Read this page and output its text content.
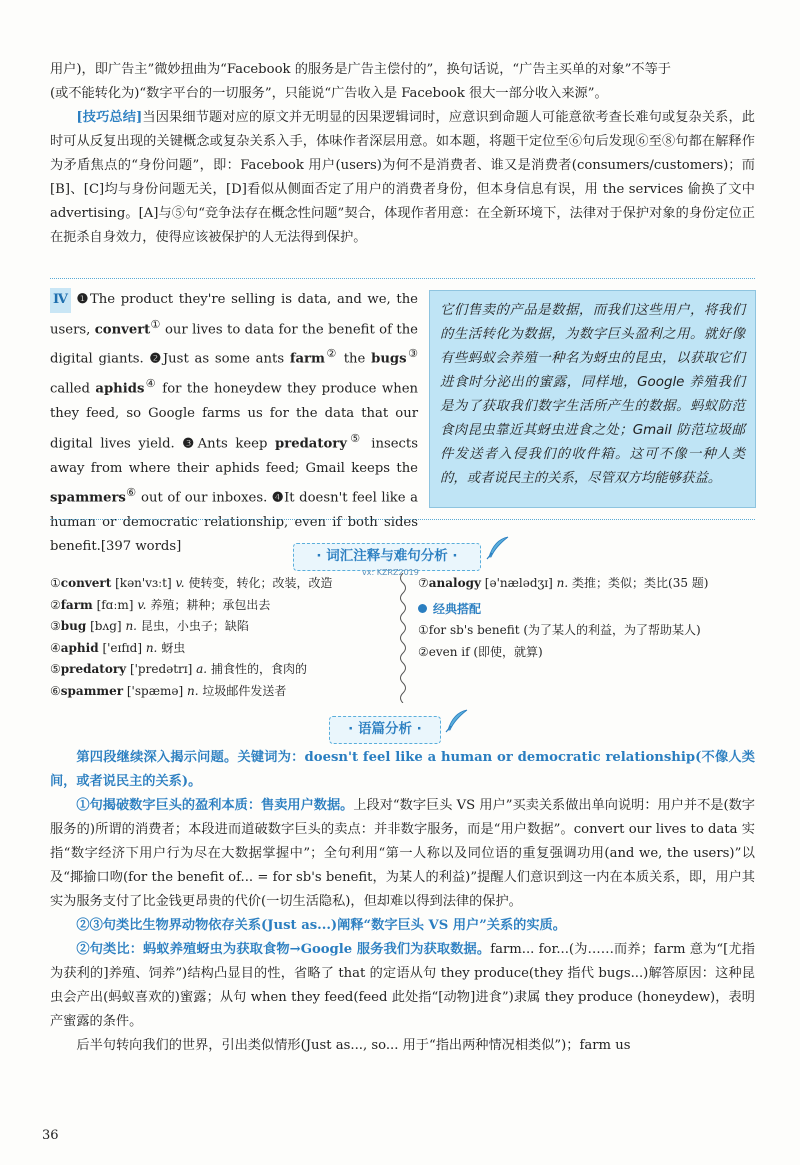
用户)，即广告主”微妙扭曲为“Facebook 的服务是广告主偿付的”，换句话说，“广告主买单的对象”不等于

(或不能转化为)“数字平台的一切服务”，只能说“广告收入是 Facebook 很大一部分收入来源”。

[技巧总结]当因果细节题对应的原文并无明显的因果逻辑词时，应意识到命题人可能意欲考查长难句或复杂关系，此时可从反复出现的关键概念或复杂关系入手，体味作者深层用意。如本题，将题干定位至⑥句后发现⑥至⑧句都在解释作为矛盾焦点的“身份问题”，即：Facebook 用户(users)为何不是消费者、谁又是消费者(consumers/customers)；而[B]、[C]均与身份问题无关，[D]看似从侧面否定了用户的消费者身份，但本身信息有误，用 the services 偷换了文中 advertising。[A]与⑤句“竞争法存在概念性问题”契合，体现作者用意：在全新环境下，法律对于保护对象的身份定位正在扼杀自身效力，使得应该被保护的人无法得到保护。

Ⅳ ❶The product they're selling is data, and we, the users, convert① our lives to data for the benefit of the digital giants. ❷Just as some ants farm② the bugs③ called aphids④ for the honeydew they produce when they feed, so Google farms us for the data that our digital lives yield. ❸Ants keep predatory⑤ insects away from where their aphids feed; Gmail keeps the spammers⑥ out of our inboxes. ❹It doesn't feel like a human or democratic relationship, even if both sides benefit.[397 words]

它们售卖的产品是数据，而我们这些用户，将我们的生活转化为数据，为数字巨头盈利之用。就好像有些蚂蚁会养殖一种名为蚜虫的昆虫，以获取它们进食时分泌出的蜜露，同样地，Google 养殖我们是为了获取我们数字生活所产生的数据。蚂蚁防范食肉昆虫靠近其蚜虫进食之处；Gmail 防范垃圾邮件发送者入侵我们的收件箱。这可不像一种人类的，或者说民主的关系，尽管双方均能够获益。
· 词汇注释与难句分析 ·
vx: KZRZ2019
①convert [kən'vɜːt] v. 使转变，转化；改装，改造
②farm [fɑːm] v. 养殖；耕种；承包出去
③bug [bʌg] n. 昆虫，小虫子；缺陷
④aphid ['eɪfɪd] n. 蚜虫
⑤predatory ['predətrɪ] a. 捕食性的，食肉的
⑥spammer ['spæmə] n. 垃圾邮件发送者
⑦analogy [ə'nælədʒɪ] n. 类推；类似；类比(35 题)
经典搭配
①for sb's benefit (为了某人的利益，为了帮助某人)
②even if (即使，就算)
· 语篇分析 ·

第四段继续深入揭示问题。关键词为：doesn't feel like a human or democratic relationship(不像人类间，或者说民主的关系)。

①句揭破数字巨头的盈利本质：售卖用户数据。上段对“数字巨头 VS 用户”买卖关系做出单向说明：用户并不是(数字服务的)所谓的消费者；本段进而道破数字巨头的卖点：并非数字服务，而是“用户数据”。convert our lives to data 实指“数字经济下用户行为尽在大数据掌握中”；全句利用“第一人称以及同位语的重复强调功用(and we, the users)”以及“揶揄口吻(for the benefit of... = for sb's benefit，为某人的利益)”提醒人们意识到这一内在本质关系，即，用户其实为服务支付了比金钱更昂贵的代价(一切生活隐私)，但却难以得到法律的保护。

②③句类比生物界动物依存关系(Just as...)阐释“数字巨头 VS 用户”关系的实质。

②句类比：蚂蚁养殖蚜虫为获取食物→Google 服务我们为获取数据。farm... for...(为……而养；farm 意为“[尤指为获利的]养殖、饲养”)结构凸显目的性，省略了 that 的定语从句 they produce(they 指代 bugs...)解答原因：这种昆虫会产出(蚂蚁喜欢的)蜜露；从句 when they feed(feed 此处指“[动物]进食”)隶属 they produce (honeydew)，表明产蜜露的条件。

后半句转向我们的世界，引出类似情形(Just as..., so... 用于“指出两种情况相类似”)；farm us

36
